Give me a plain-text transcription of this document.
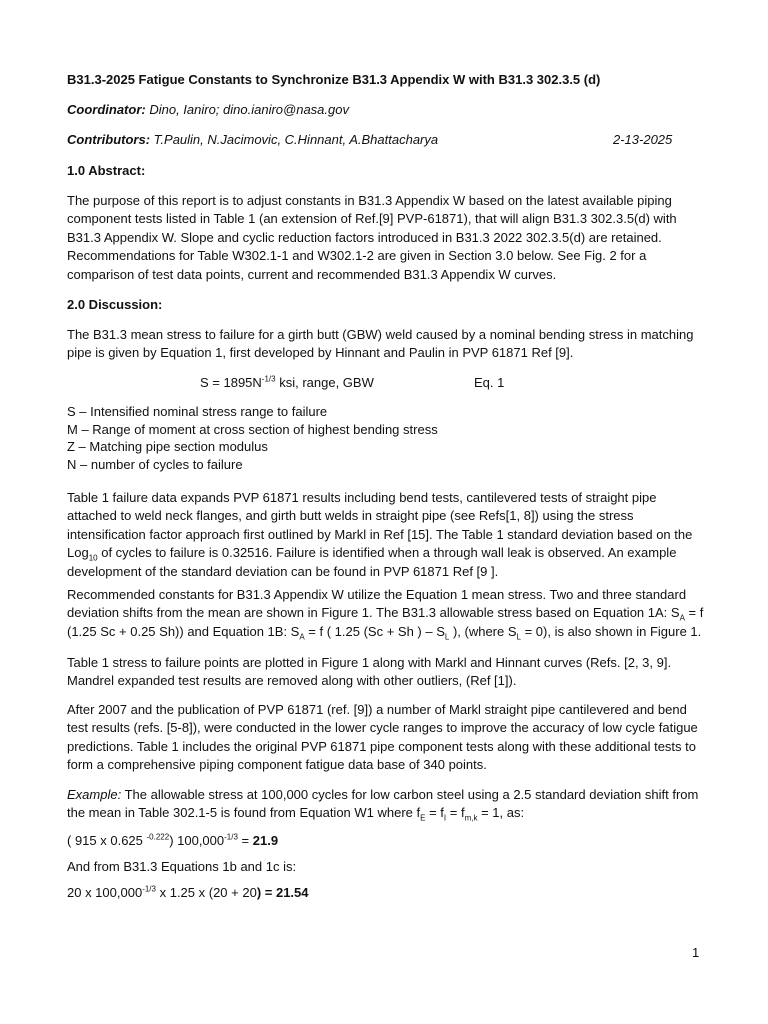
B31.3-2025 Fatigue Constants to Synchronize B31.3 Appendix W with B31.3 302.3.5 (d)
Coordinator: Dino, Ianiro; dino.ianiro@nasa.gov
Contributors: T.Paulin, N.Jacimovic, C.Hinnant, A.Bhattacharya	2-13-2025
1.0 Abstract:
The purpose of this report is to adjust constants in B31.3 Appendix W based on the latest available piping component tests listed in Table 1 (an extension of Ref.[9] PVP-61871), that will align B31.3 302.3.5(d) with B31.3 Appendix W. Slope and cyclic reduction factors introduced in B31.3 2022 302.3.5(d) are retained. Recommendations for Table W302.1-1 and W302.1-2 are given in Section 3.0 below. See Fig. 2 for a comparison of test data points, current and recommended B31.3 Appendix W curves.
2.0 Discussion:
The B31.3 mean stress to failure for a girth butt (GBW) weld caused by a nominal bending stress in matching pipe is given by Equation 1, first developed by Hinnant and Paulin in PVP 61871 Ref [9].
$S = 1895N^{-1/3}$ ksi, range, GBW	Eq. 1
S – Intensified nominal stress range to failure
M – Range of moment at cross section of highest bending stress
Z – Matching pipe section modulus
N – number of cycles to failure
Table 1 failure data expands PVP 61871 results including bend tests, cantilevered tests of straight pipe attached to weld neck flanges, and girth butt welds in straight pipe (see Refs[1, 8]) using the stress intensification factor approach first outlined by Markl in Ref [15]. The Table 1 standard deviation based on the Log$_{10}$ of cycles to failure is 0.32516. Failure is identified when a through wall leak is observed. An example development of the standard deviation can be found in PVP 61871 Ref [9 ].
Recommended constants for B31.3 Appendix W utilize the Equation 1 mean stress. Two and three standard deviation shifts from the mean are shown in Figure 1. The B31.3 allowable stress based on Equation 1A: $S_A = f$ (1.25 Sc + 0.25 Sh)) and Equation 1B: $S_A = f$ ( 1.25 (Sc + Sh ) – $S_L$ ), (where $S_L = 0$), is also shown in Figure 1.
Table 1 stress to failure points are plotted in Figure 1 along with Markl and Hinnant curves (Refs. [2, 3, 9]. Mandrel expanded test results are removed along with other outliers, (Ref [1]).
After 2007 and the publication of PVP 61871 (ref. [9]) a number of Markl straight pipe cantilevered and bend test results (refs. [5-8]), were conducted in the lower cycle ranges to improve the accuracy of low cycle fatigue predictions. Table 1 includes the original PVP 61871 pipe component tests along with these additional tests to form a comprehensive piping component fatigue data base of 340 points.
Example: The allowable stress at 100,000 cycles for low carbon steel using a 2.5 standard deviation shift from the mean in Table 302.1-5 is found from Equation W1 where $f_E = f_I = f_{m,k} = 1$, as:
( 915 x 0.625 $^{-0.222}$) $100,000^{-1/3} = 21.9$
And from B31.3 Equations 1b and 1c is:
20 x $100,000^{-1/3}$ x 1.25 x (20 + 20) = 21.54
1
